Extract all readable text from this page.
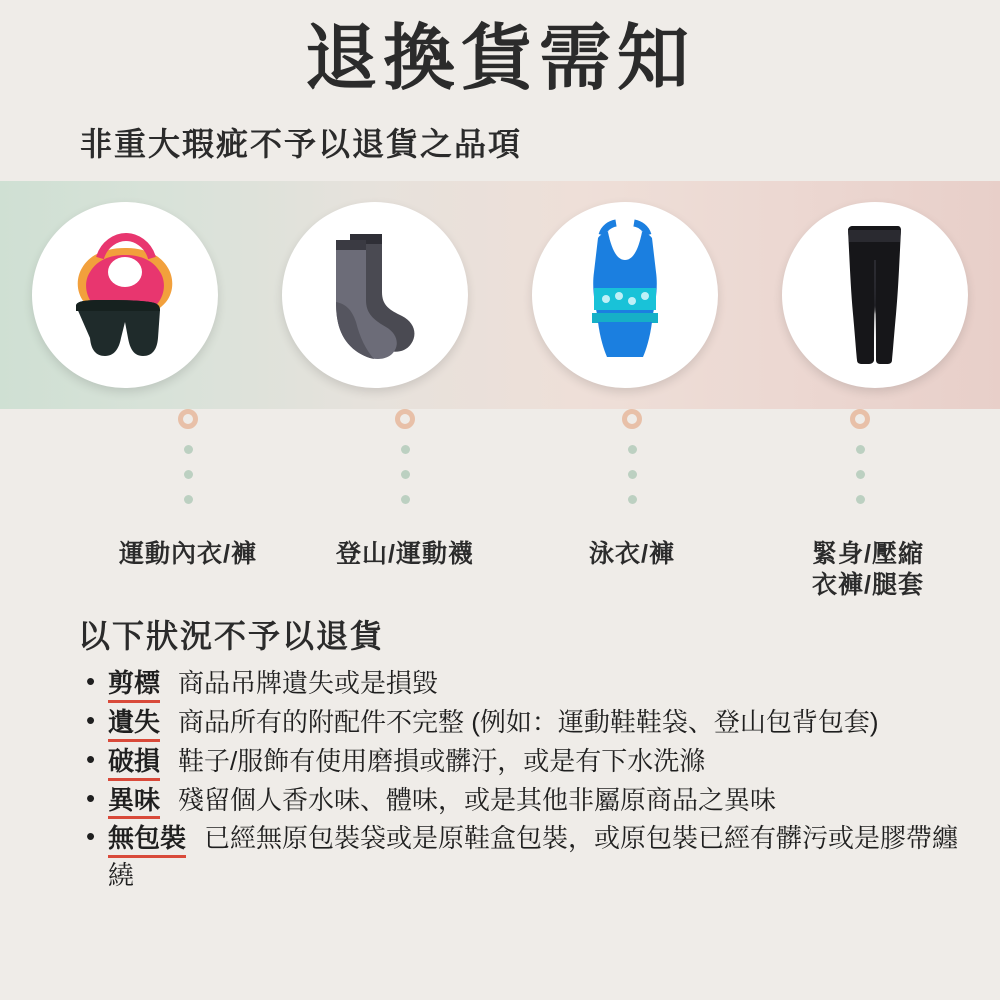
退換貨需知
非重大瑕疵不予以退貨之品項
運動內衣/褲	登山/運動襪	泳衣/褲	緊身/壓縮
衣褲/腿套
以下狀況不予以退貨
• 剪標 商品吊牌遺失或是損毀
• 遺失 商品所有的附配件不完整 (例如：運動鞋鞋袋、登山包背包套)
• 破損 鞋子/服飾有使用磨損或髒汙，或是有下水洗滌
• 異味 殘留個人香水味、體味，或是其他非屬原商品之異味
• 無包裝 已經無原包裝袋或是原鞋盒包裝，或原包裝已經有髒污或是膠帶纏繞
